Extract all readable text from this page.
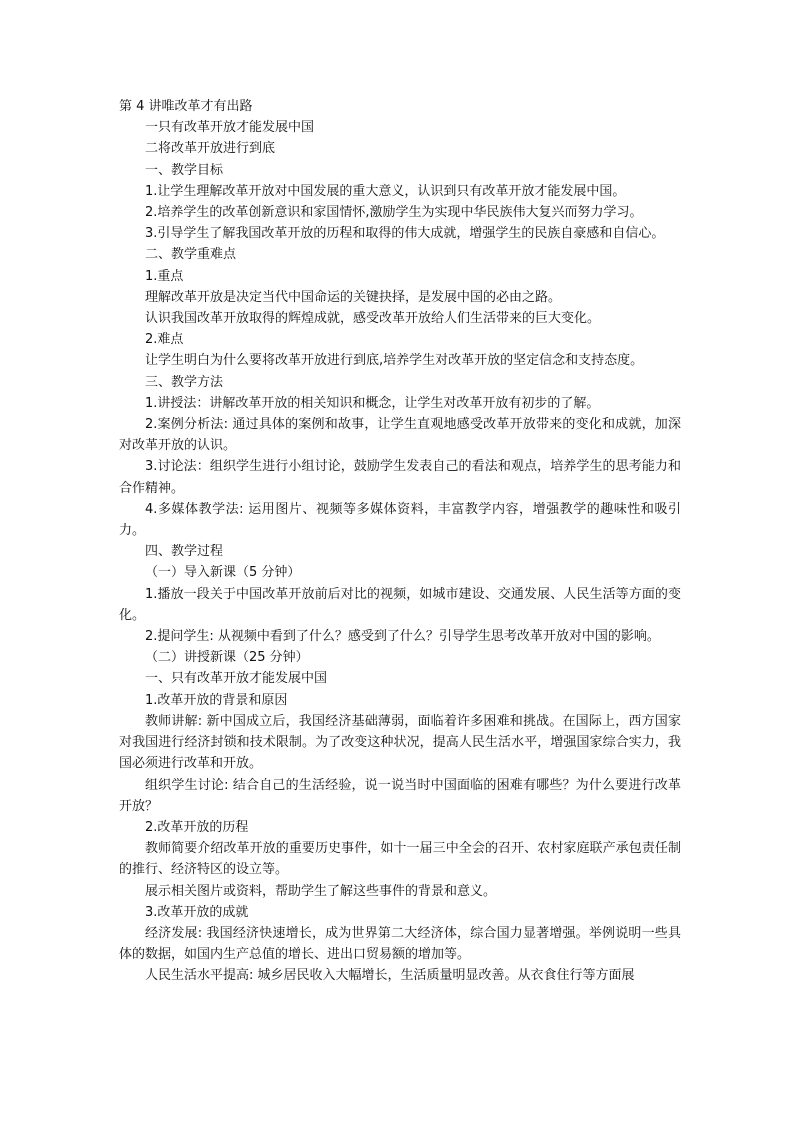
第 4 讲唯改革才有出路

一只有改革开放才能发展中国

二将改革开放进行到底

一、教学目标

1.让学生理解改革开放对中国发展的重大意义，认识到只有改革开放才能发展中国。

2.培养学生的改革创新意识和家国情怀,激励学生为实现中华民族伟大复兴而努力学习。

3.引导学生了解我国改革开放的历程和取得的伟大成就，增强学生的民族自豪感和自信心。

二、教学重难点

1.重点

理解改革开放是决定当代中国命运的关键抉择，是发展中国的必由之路。

认识我国改革开放取得的辉煌成就，感受改革开放给人们生活带来的巨大变化。

2.难点

让学生明白为什么要将改革开放进行到底,培养学生对改革开放的坚定信念和支持态度。

三、教学方法

1.讲授法：讲解改革开放的相关知识和概念，让学生对改革开放有初步的了解。

2.案例分析法: 通过具体的案例和故事，让学生直观地感受改革开放带来的变化和成就，加深对改革开放的认识。

3.讨论法：组织学生进行小组讨论，鼓励学生发表自己的看法和观点，培养学生的思考能力和合作精神。

4.多媒体教学法: 运用图片、视频等多媒体资料，丰富教学内容，增强教学的趣味性和吸引力。

四、教学过程

（一）导入新课（5 分钟）

1.播放一段关于中国改革开放前后对比的视频，如城市建设、交通发展、人民生活等方面的变化。

2.提问学生: 从视频中看到了什么？感受到了什么？引导学生思考改革开放对中国的影响。

（二）讲授新课（25 分钟）

一、只有改革开放才能发展中国

1.改革开放的背景和原因

教师讲解: 新中国成立后，我国经济基础薄弱，面临着许多困难和挑战。在国际上，西方国家对我国进行经济封锁和技术限制。为了改变这种状况，提高人民生活水平，增强国家综合实力，我国必须进行改革和开放。

组织学生讨论: 结合自己的生活经验，说一说当时中国面临的困难有哪些？为什么要进行改革开放？

2.改革开放的历程

教师简要介绍改革开放的重要历史事件，如十一届三中全会的召开、农村家庭联产承包责任制的推行、经济特区的设立等。

展示相关图片或资料，帮助学生了解这些事件的背景和意义。

3.改革开放的成就

经济发展: 我国经济快速增长，成为世界第二大经济体，综合国力显著增强。举例说明一些具体的数据，如国内生产总值的增长、进出口贸易额的增加等。

人民生活水平提高: 城乡居民收入大幅增长，生活质量明显改善。从衣食住行等方面展
